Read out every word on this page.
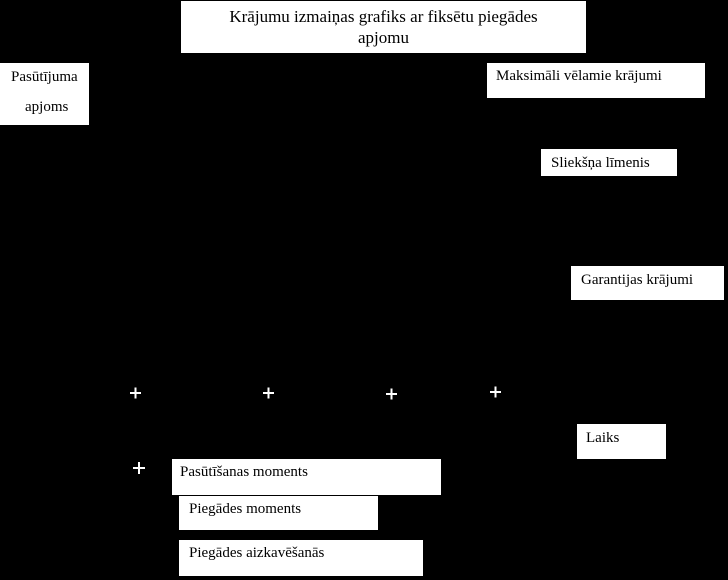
Krājumu izmaiņas grafiks ar fiksētu piegādes
apjomu
Pasūtījuma
apjoms
Maksimāli vēlamie krājumi
Sliekšņa līmenis
Garantijas krājumi
Laiks
Pasūtīšanas moments
Piegādes moments
Piegādes aizkavēšanās
